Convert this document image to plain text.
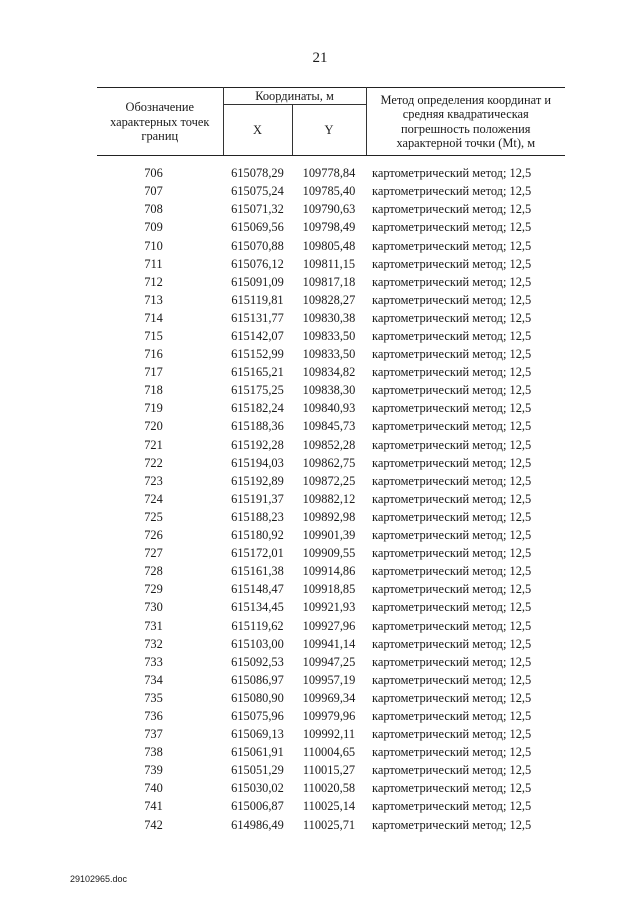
21
Обозначение характерных точек границ	Координаты, м		Метод определения координат и средняя квадратическая погрешность положения характерной точки (Mt), м
	X	Y	

706	615078,29	109778,84	картометрический метод; 12,5
707	615075,24	109785,40	картометрический метод; 12,5
708	615071,32	109790,63	картометрический метод; 12,5
709	615069,56	109798,49	картометрический метод; 12,5
710	615070,88	109805,48	картометрический метод; 12,5
711	615076,12	109811,15	картометрический метод; 12,5
712	615091,09	109817,18	картометрический метод; 12,5
713	615119,81	109828,27	картометрический метод; 12,5
714	615131,77	109830,38	картометрический метод; 12,5
715	615142,07	109833,50	картометрический метод; 12,5
716	615152,99	109833,50	картометрический метод; 12,5
717	615165,21	109834,82	картометрический метод; 12,5
718	615175,25	109838,30	картометрический метод; 12,5
719	615182,24	109840,93	картометрический метод; 12,5
720	615188,36	109845,73	картометрический метод; 12,5
721	615192,28	109852,28	картометрический метод; 12,5
722	615194,03	109862,75	картометрический метод; 12,5
723	615192,89	109872,25	картометрический метод; 12,5
724	615191,37	109882,12	картометрический метод; 12,5
725	615188,23	109892,98	картометрический метод; 12,5
726	615180,92	109901,39	картометрический метод; 12,5
727	615172,01	109909,55	картометрический метод; 12,5
728	615161,38	109914,86	картометрический метод; 12,5
729	615148,47	109918,85	картометрический метод; 12,5
730	615134,45	109921,93	картометрический метод; 12,5
731	615119,62	109927,96	картометрический метод; 12,5
732	615103,00	109941,14	картометрический метод; 12,5
733	615092,53	109947,25	картометрический метод; 12,5
734	615086,97	109957,19	картометрический метод; 12,5
735	615080,90	109969,34	картометрический метод; 12,5
736	615075,96	109979,96	картометрический метод; 12,5
737	615069,13	109992,11	картометрический метод; 12,5
738	615061,91	110004,65	картометрический метод; 12,5
739	615051,29	110015,27	картометрический метод; 12,5
740	615030,02	110020,58	картометрический метод; 12,5
741	615006,87	110025,14	картометрический метод; 12,5
742	614986,49	110025,71	картометрический метод; 12,5
29102965.doc
